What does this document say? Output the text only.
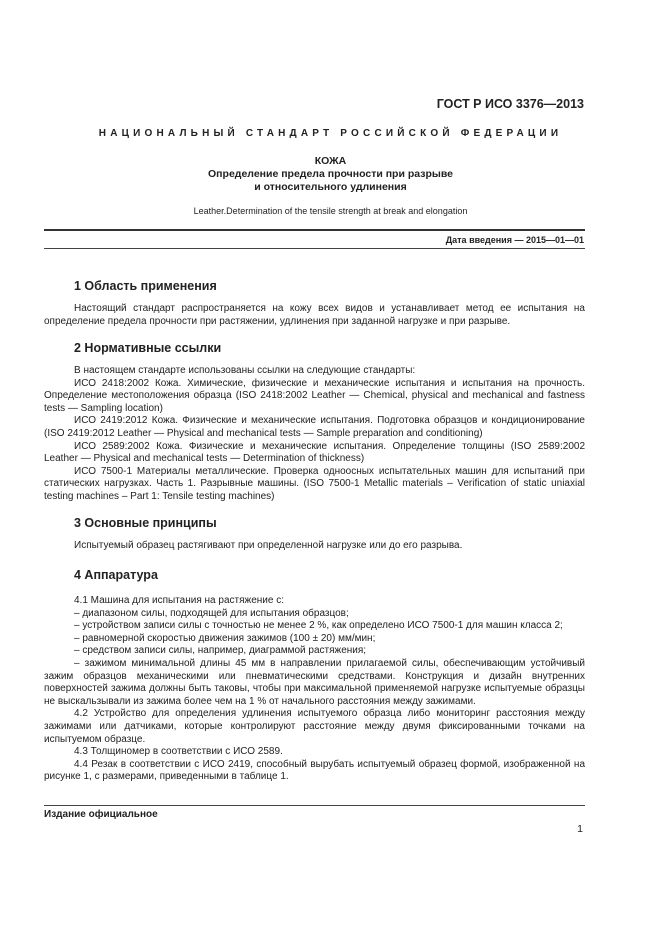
ГОСТ Р ИСО 3376—2013
НАЦИОНАЛЬНЫЙ СТАНДАРТ РОССИЙСКОЙ ФЕДЕРАЦИИ
КОЖА
Определение предела прочности при разрыве
и относительного удлинения
Leather.Determination of the tensile strength at break and elongation
Дата введения — 2015—01—01
1 Область применения

Настоящий стандарт распространяется на кожу всех видов и устанавливает метод ее испытания на определение предела прочности при растяжении, удлинения при заданной нагрузке и при разрыве.

2 Нормативные ссылки

В настоящем стандарте использованы ссылки на следующие стандарты:

ИСО 2418:2002 Кожа. Химические, физические и механические испытания и испытания на прочность. Определение местоположения образца (ISO 2418:2002 Leather — Chemical, physical and mechanical and fastness tests — Sampling location)

ИСО 2419:2012 Кожа. Физические и механические испытания. Подготовка образцов и кондиционирование (ISO 2419:2012 Leather — Physical and mechanical tests — Sample preparation and conditioning)

ИСО 2589:2002 Кожа. Физические и механические испытания. Определение толщины (ISO 2589:2002 Leather — Physical and mechanical tests — Determination of thickness)

ИСО 7500-1 Материалы металлические. Проверка одноосных испытательных машин для испытаний при статических нагрузках. Часть 1. Разрывные машины. (ISO 7500-1 Metallic materials – Verification of static uniaxial testing machines – Part 1: Tensile testing machines)

3 Основные принципы

Испытуемый образец растягивают при определенной нагрузке или до его разрыва.

4 Аппаратура

4.1 Машина для испытания на растяжение с:

– диапазоном силы, подходящей для испытания образцов;

– устройством записи силы с точностью не менее 2 %, как определено ИСО 7500-1 для машин класса 2;

– равномерной скоростью движения зажимов (100 ± 20) мм/мин;

– средством записи силы, например, диаграммой растяжения;

– зажимом минимальной длины 45 мм в направлении прилагаемой силы, обеспечивающим устойчивый зажим образцов механическими или пневматическими средствами. Конструкция и дизайн внутренних поверхностей зажима должны быть таковы, чтобы при максимальной применяемой нагрузке испытуемые образцы не выскальзывали из зажима более чем на 1 % от начального расстояния между зажимами.

4.2 Устройство для определения удлинения испытуемого образца либо мониторинг расстояния между зажимами или датчиками, которые контролируют расстояние между двумя фиксированными точками на испытуемом образце.

4.3 Толщиномер в соответствии с ИСО 2589.

4.4 Резак в соответствии с ИСО 2419, способный вырубать испытуемый образец формой, изображенной на рисунке 1, с размерами, приведенными в таблице 1.

Издание официальное
1
